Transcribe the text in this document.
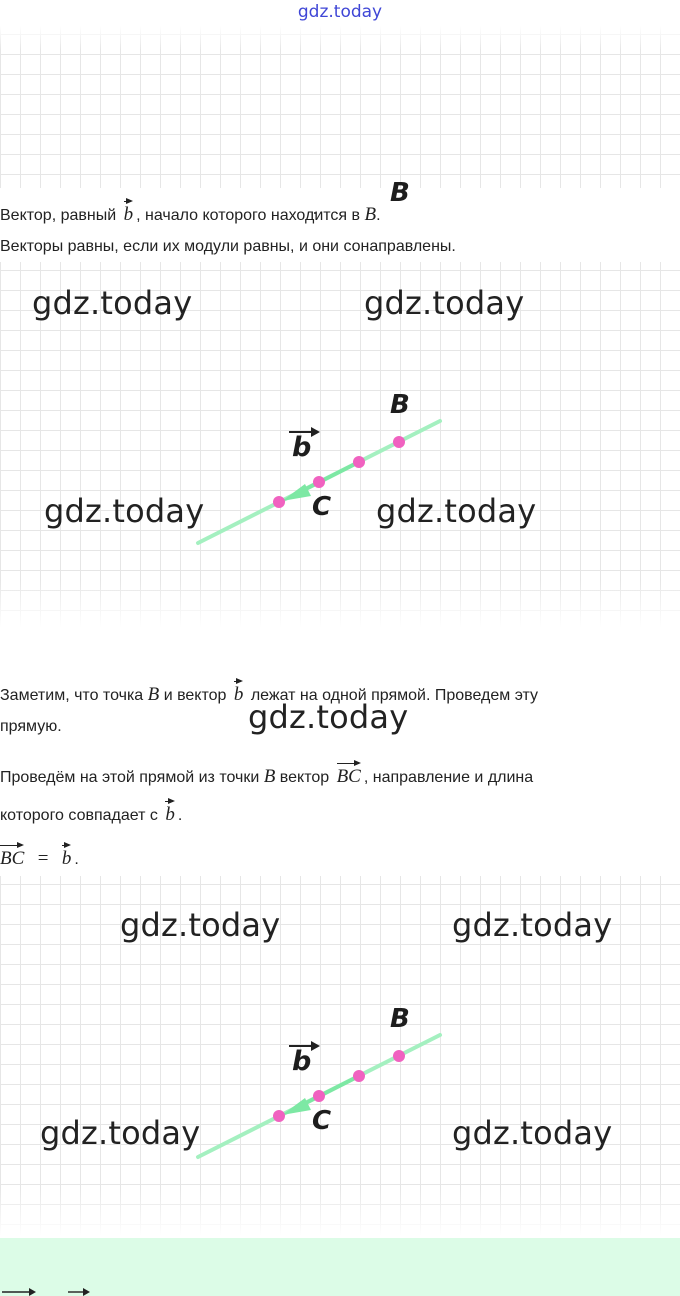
gdz.today
B
Вектор, равный b , начало которого находится в B.
Векторы равны, если их модули равны, и они сонаправлены.
gdz.today	gdz.today
gdz.today	gdz.today
B
C
b
Заметим, что точка B и вектор b лежат на одной прямой. Проведем эту
прямую.	gdz.today
Проведём на этой прямой из точки B вектор BC , направление и длина
которого совпадает с b .
BC = b .
gdz.today	gdz.today
gdz.today	gdz.today
B
C
b
